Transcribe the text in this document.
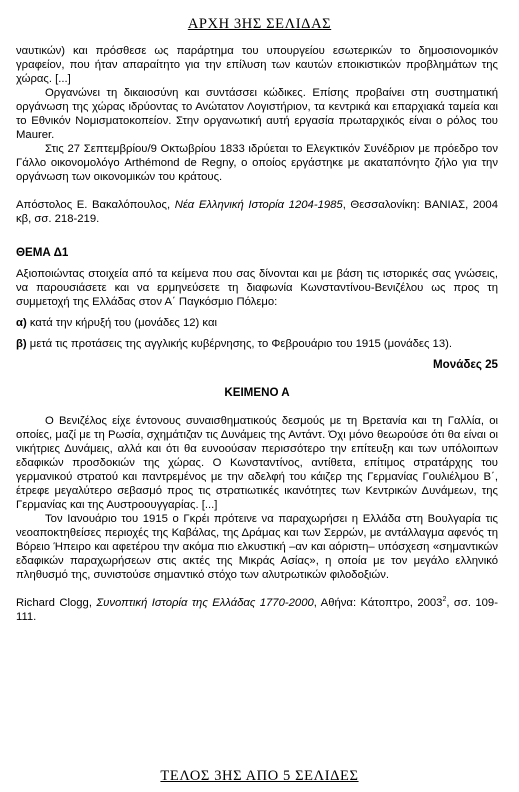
ΑΡΧΗ 3ΗΣ ΣΕΛΙΔΑΣ

ναυτικών) και πρόσθεσε ως παράρτημα του υπουργείου εσωτερικών το δημοσιονομικόν γραφείον, που ήταν απαραίτητο για την επίλυση των καυτών εποικιστικών προβλημάτων της χώρας. [...]

Οργανώνει τη δικαιοσύνη και συντάσσει κώδικες. Επίσης προβαίνει στη συστηματική οργάνωση της χώρας ιδρύοντας το Ανώτατον Λογιστήριον, τα κεντρικά και επαρχιακά ταμεία και το Εθνικόν Νομισματοκοπείον. Στην οργανωτική αυτή εργασία πρωταρχικός είναι ο ρόλος του Maurer.

Στις 27 Σεπτεμβρίου/9 Οκτωβρίου 1833 ιδρύεται το Ελεγκτικόν Συνέδριον με πρόεδρο τον Γάλλο οικονομολόγο Arthémond de Regny, ο οποίος εργάστηκε με ακαταπόνητο ζήλο για την οργάνωση των οικονομικών του κράτους.

Απόστολος Ε. Βακαλόπουλος, Νέα Ελληνική Ιστορία 1204-1985, Θεσσαλονίκη: ΒΑΝΙΑΣ, 2004 κβ, σσ. 218-219.

ΘΕΜΑ Δ1

Αξιοποιώντας στοιχεία από τα κείμενα που σας δίνονται και με βάση τις ιστορικές σας γνώσεις, να παρουσιάσετε και να ερμηνεύσετε τη διαφωνία Κωνσταντίνου-Βενιζέλου ως προς τη συμμετοχή της Ελλάδας στον Α΄ Παγκόσμιο Πόλεμο:

α) κατά την κήρυξή του (μονάδες 12) και

β) μετά τις προτάσεις της αγγλικής κυβέρνησης, το Φεβρουάριο του 1915 (μονάδες 13).

Μονάδες 25

ΚΕΙΜΕΝΟ Α

Ο Βενιζέλος είχε έντονους συναισθηματικούς δεσμούς με τη Βρετανία και τη Γαλλία, οι οποίες, μαζί με τη Ρωσία, σχημάτιζαν τις Δυνάμεις της Αντάντ. Όχι μόνο θεωρούσε ότι θα είναι οι νικήτριες Δυνάμεις, αλλά και ότι θα ευνοούσαν περισσότερο την επίτευξη και των υπόλοιπων εδαφικών προσδοκιών της χώρας. Ο Κωνσταντίνος, αντίθετα, επίτιμος στρατάρχης του γερμανικού στρατού και παντρεμένος με την αδελφή του κάιζερ της Γερμανίας Γουλιέλμου Β΄, έτρεφε μεγαλύτερο σεβασμό προς τις στρατιωτικές ικανότητες των Κεντρικών Δυνάμεων, της Γερμανίας και της Αυστροουγγαρίας. [...]

Τον Ιανουάριο του 1915 ο Γκρέι πρότεινε να παραχωρήσει η Ελλάδα στη Βουλγαρία τις νεοαποκτηθείσες περιοχές της Καβάλας, της Δράμας και των Σερρών, με αντάλλαγμα αφενός τη Βόρειο Ήπειρο και αφετέρου την ακόμα πιο ελκυστική –αν και αόριστη– υπόσχεση «σημαντικών εδαφικών παραχωρήσεων στις ακτές της Μικράς Ασίας», η οποία με τον μεγάλο ελληνικό πληθυσμό της, συνιστούσε σημαντικό στόχο των αλυτρωτικών φιλοδοξιών.

Richard Clogg, Συνοπτική Ιστορία της Ελλάδας 1770-2000, Αθήνα: Κάτοπτρο, 2003$^2$, σσ. 109-111.

ΤΕΛΟΣ 3ΗΣ ΑΠΟ 5 ΣΕΛΙΔΕΣ
